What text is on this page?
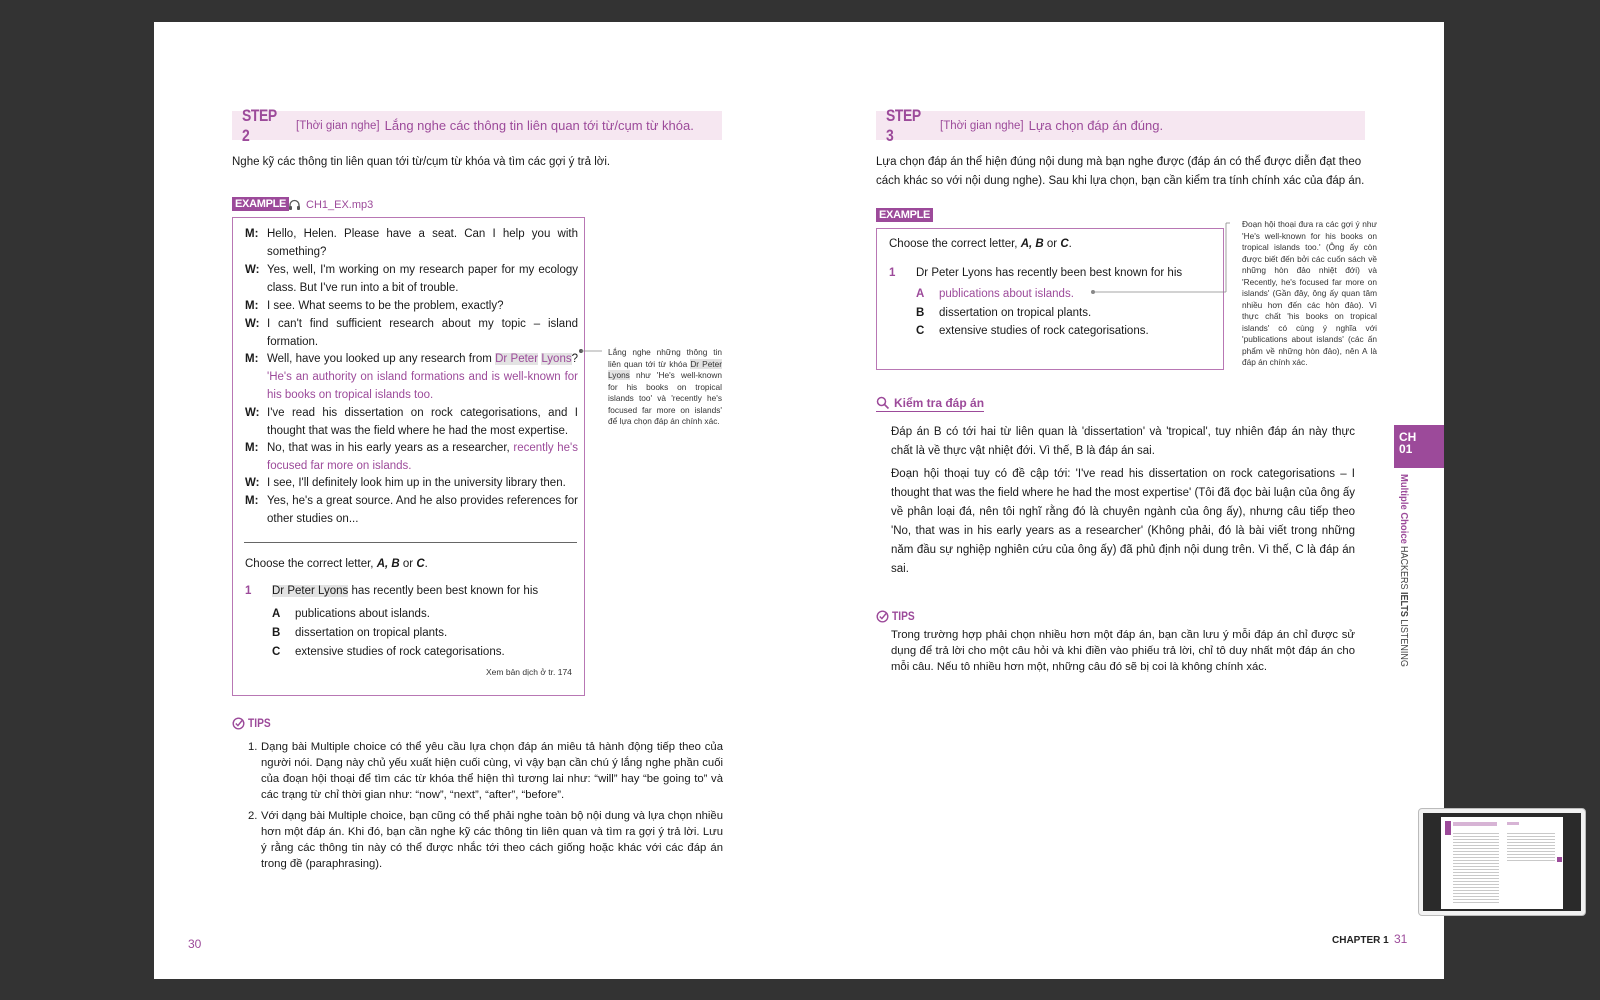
STEP 2	[Thời gian nghe] Lắng nghe các thông tin liên quan tới từ/cụm từ khóa.
Nghe kỹ các thông tin liên quan tới từ/cụm từ khóa và tìm các gợi ý trả lời.
EXAMPLE CH1_EX.mp3
M: Hello, Helen. Please have a seat. Can I help you with something?
W: Yes, well, I'm working on my research paper for my ecology class. But I've run into a bit of trouble.
M: I see. What seems to be the problem, exactly?
W: I can't find sufficient research about my topic – island formation.
M: Well, have you looked up any research from Dr Peter Lyons? 'He's an authority on island formations and is well-known for his books on tropical islands too.
W: I've read his dissertation on rock categorisations, and I thought that was the field where he had the most expertise.
M: No, that was in his early years as a researcher, recently he's focused far more on islands.
W: I see, I'll definitely look him up in the university library then.
M: Yes, he's a great source. And he also provides references for other studies on...
Lắng nghe những thông tin liên quan tới từ khóa Dr Peter Lyons như 'He's well-known for his books on tropical islands too' và 'recently he's focused far more on islands' để lựa chọn đáp án chính xác.
Choose the correct letter, A, B or C.
1 Dr Peter Lyons has recently been best known for his
A publications about islands.
B dissertation on tropical plants.
C extensive studies of rock categorisations.
Xem bản dịch ở tr. 174
TIPS
1. Dạng bài Multiple choice có thể yêu cầu lựa chọn đáp án miêu tả hành động tiếp theo của người nói. Dạng này chủ yếu xuất hiện cuối cùng, vì vậy bạn cần chú ý lắng nghe phần cuối của đoạn hội thoại để tìm các từ khóa thể hiện thì tương lai như: “will” hay “be going to” và các trạng từ chỉ thời gian như: “now”, “next”, “after”, “before”.
2. Với dạng bài Multiple choice, bạn cũng có thể phải nghe toàn bộ nội dung và lựa chọn nhiều hơn một đáp án. Khi đó, bạn cần nghe kỹ các thông tin liên quan và tìm ra gợi ý trả lời. Lưu ý rằng các thông tin này có thể được nhắc tới theo cách giống hoặc khác với các đáp án trong đề (paraphrasing).
30
STEP 3	[Thời gian nghe] Lựa chọn đáp án đúng.
Lựa chọn đáp án thể hiện đúng nội dung mà bạn nghe được (đáp án có thể được diễn đạt theo
cách khác so với nội dung nghe). Sau khi lựa chọn, bạn cần kiểm tra tính chính xác của đáp án.
EXAMPLE
Choose the correct letter, A, B or C.
1 Dr Peter Lyons has recently been best known for his
A publications about islands.
B dissertation on tropical plants.
C extensive studies of rock categorisations.
Đoạn hội thoại đưa ra các gợi ý như 'He's well-known for his books on tropical islands too.' (Ông ấy còn được biết đến bởi các cuốn sách về những hòn đảo nhiệt đới) và 'Recently, he's focused far more on islands' (Gần đây, ông ấy quan tâm nhiều hơn đến các hòn đảo). Vì thực chất 'his books on tropical islands' có cùng ý nghĩa với 'publications about islands' (các ấn phẩm về những hòn đảo), nên A là đáp án chính xác.
Kiểm tra đáp án
Đáp án B có tới hai từ liên quan là 'dissertation' và 'tropical', tuy nhiên đáp án này thực chất là về thực vật nhiệt đới. Vì thế, B là đáp án sai.
Đoạn hội thoại tuy có đề cập tới: 'I've read his dissertation on rock categorisations – I thought that was the field where he had the most expertise' (Tôi đã đọc bài luận của ông ấy về phân loại đá, nên tôi nghĩ rằng đó là chuyên ngành của ông ấy), nhưng câu tiếp theo 'No, that was in his early years as a researcher' (Không phải, đó là bài viết trong những năm đầu sự nghiệp nghiên cứu của ông ấy) đã phủ định nội dung trên. Vì thế, C là đáp án sai.
TIPS
Trong trường hợp phải chọn nhiều hơn một đáp án, bạn cần lưu ý mỗi đáp án chỉ được sử dụng để trả lời cho một câu hỏi và khi điền vào phiếu trả lời, chỉ tô duy nhất một đáp án cho mỗi câu. Nếu tô nhiều hơn một, những câu đó sẽ bị coi là không chính xác.
CH
01
Multiple Choice
HACKERS IELTS LISTENING
CHAPTER 1 31
